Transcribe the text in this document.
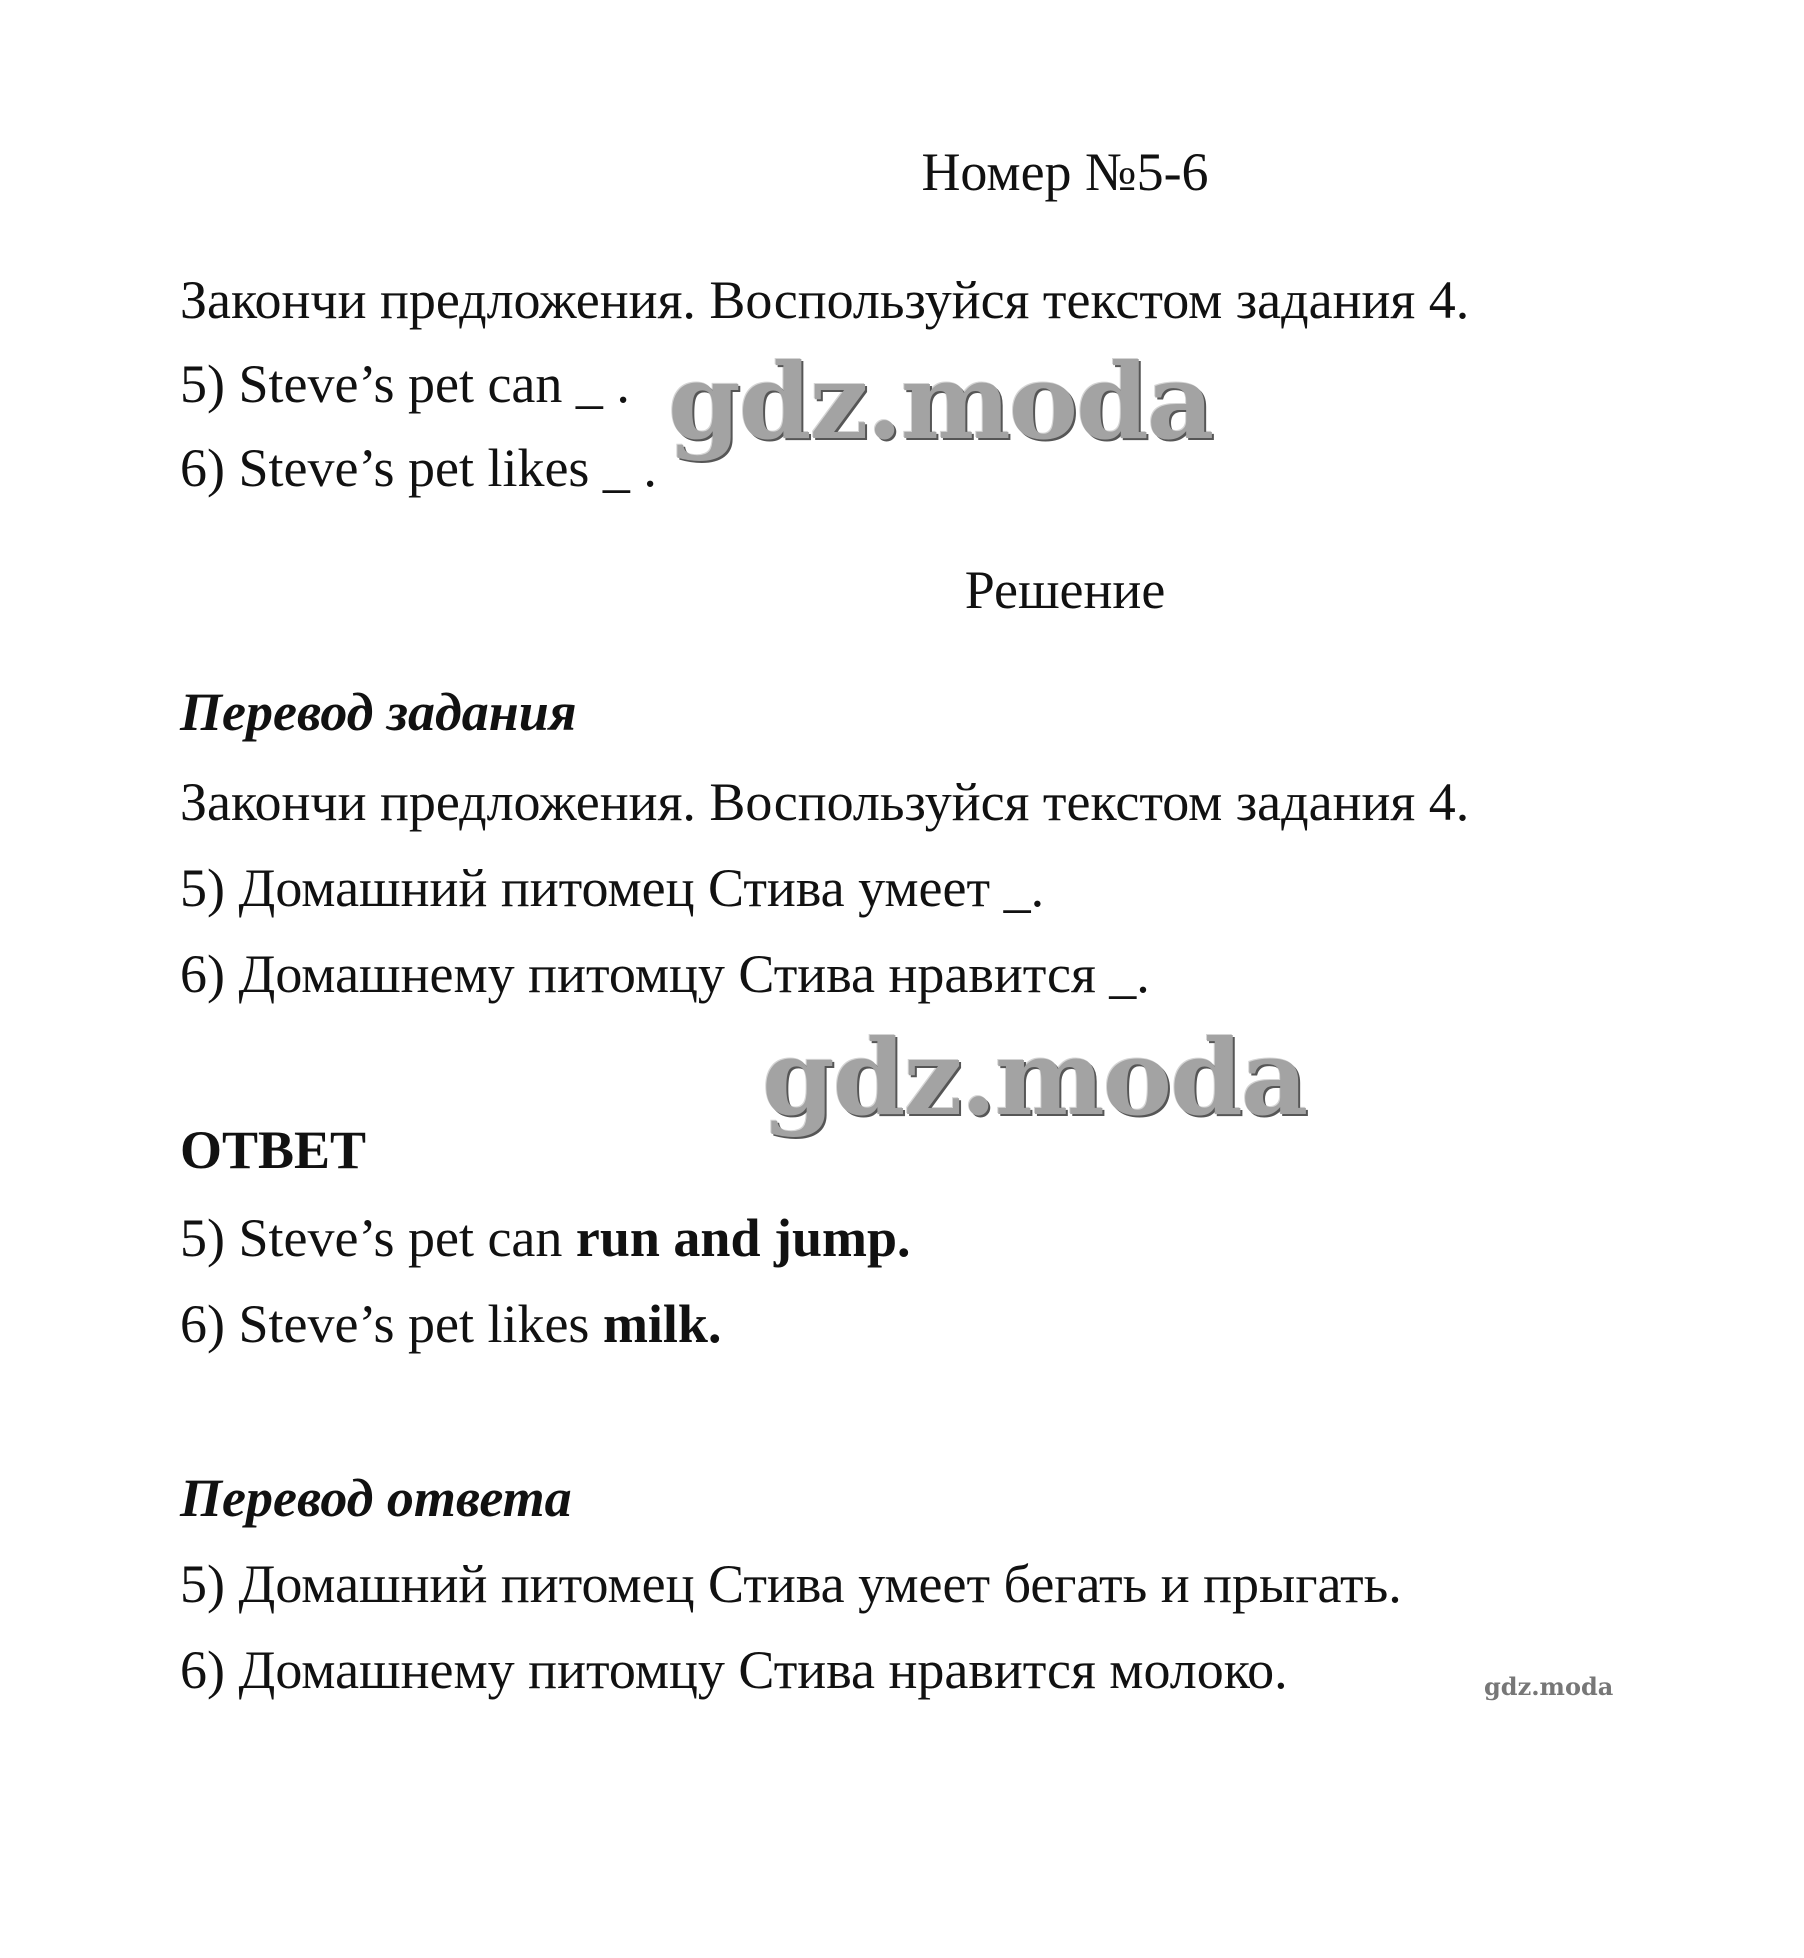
Номер №5-6

Закончи предложения. Воспользуйся текстом задания 4.

5) Steve’s pet can _ .

6) Steve’s pet likes _ .

Решение

Перевод задания

Закончи предложения. Воспользуйся текстом задания 4.

5) Домашний питомец Стива умеет _.

6) Домашнему питомцу Стива нравится _.

ОТВЕТ

5) Steve’s pet can run and jump.

6) Steve’s pet likes milk.

Перевод ответа

5) Домашний питомец Стива умеет бегать и прыгать.

6) Домашнему питомцу Стива нравится молоко.

gdz.moda
gdz.moda
gdz.moda
